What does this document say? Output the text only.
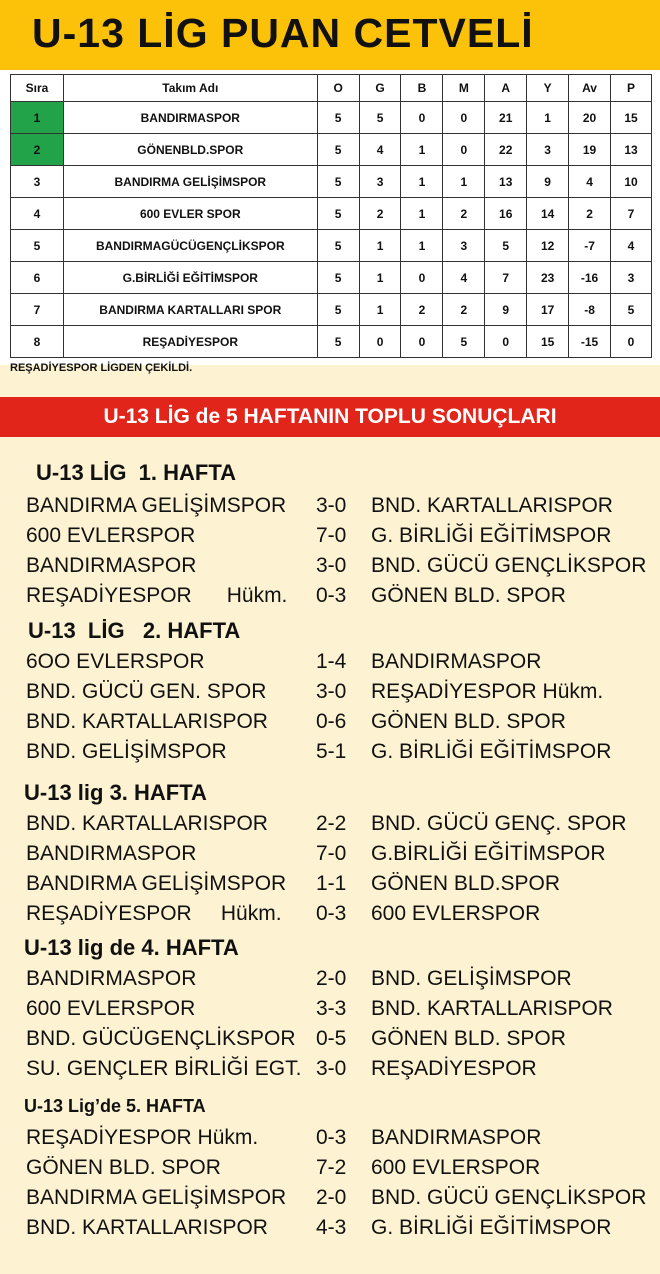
U-13 LİG PUAN CETVELİ
Sıra	Takım Adı	O	G	B	M	A	Y	Av	P
1	BANDIRMASPOR	5	5	0	0	21	1	20	15
2	GÖNENBLD.SPOR	5	4	1	0	22	3	19	13
3	BANDIRMA GELİŞİMSPOR	5	3	1	1	13	9	4	10
4	600 EVLER SPOR	5	2	1	2	16	14	2	7
5	BANDIRMAGÜCÜGENÇLİKSPOR	5	1	1	3	5	12	-7	4
6	G.BİRLİĞİ EĞİTİMSPOR	5	1	0	4	7	23	-16	3
7	BANDIRMA KARTALLARI SPOR	5	1	2	2	9	17	-8	5
8	REŞADİYESPOR	5	0	0	5	0	15	-15	0
REŞADİYESPOR LİGDEN ÇEKİLDİ.
U-13 LİG de 5 HAFTANIN TOPLU SONUÇLARI
U-13 LİG  1. HAFTA
BANDIRMA GELİŞİMSPOR 3-0 BND. KARTALLARISPOR
600 EVLERSPOR	7-0 G. BİRLİĞİ EĞİTİMSPOR
BANDIRMASPOR	3-0 BND. GÜCÜ GENÇLİKSPOR
REŞADİYESPOR      Hükm. 0-3 GÖNEN BLD. SPOR
U-13  LİG   2. HAFTA
6OO EVLERSPOR	1-4 BANDIRMASPOR
BND. GÜCÜ GEN. SPOR 3-0 REŞADİYESPOR Hükm.
BND. KARTALLARISPOR 0-6 GÖNEN BLD. SPOR
BND. GELİŞİMSPOR	5-1 G. BİRLİĞİ EĞİTİMSPOR
U-13 lig 3. HAFTA
BND. KARTALLARISPOR 2-2 BND. GÜCÜ GENÇ. SPOR
BANDIRMASPOR	7-0 G.BİRLİĞİ EĞİTİMSPOR
BANDIRMA GELİŞİMSPOR 1-1 GÖNEN BLD.SPOR
REŞADİYESPOR     Hükm. 0-3 600 EVLERSPOR
U-13 lig de 4. HAFTA
BANDIRMASPOR	2-0 BND. GELİŞİMSPOR
600 EVLERSPOR	3-3 BND. KARTALLARISPOR
BND. GÜCÜGENÇLİKSPOR 0-5 GÖNEN BLD. SPOR
SU. GENÇLER BİRLİĞİ EGT. 3-0 REŞADİYESPOR
U-13 Lig’de 5. HAFTA
REŞADİYESPOR Hükm.	0-3 BANDIRMASPOR
GÖNEN BLD. SPOR	7-2 600 EVLERSPOR
BANDIRMA GELİŞİMSPOR 2-0 BND. GÜCÜ GENÇLİKSPOR
BND. KARTALLARISPOR 4-3 G. BİRLİĞİ EĞİTİMSPOR
